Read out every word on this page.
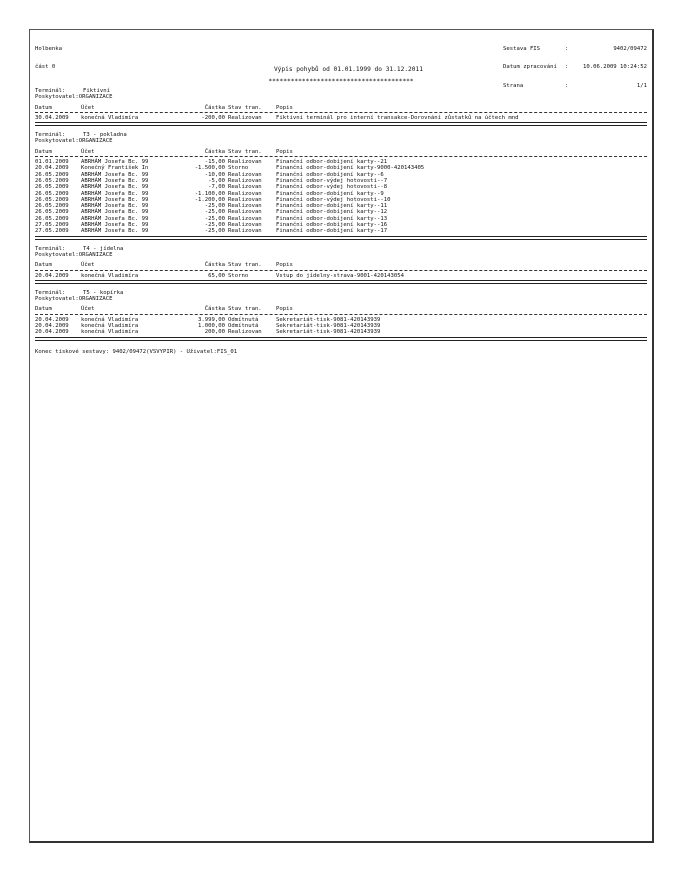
Holbenka

část 0

Sestava FIS	:	9402/09472

Datum zpracování	:	10.06.2009 10:24:52

Strana	:	1/1

Výpis pohybů od 01.01.1999 do 31.12.2011

***************************************

Terminál:	Fiktivní
Poskytovatel: ORGANIZACE
Datum	Účet	Částka Stav tran.	Popis
30.04.2009	konečná Vladimíra	-200,00 Realizovan	Fiktivní terminál pro interní transakce-Dorovnání zůstatků na účtech mnd
Terminál:	T3 - pokladna
Poskytovatel: ORGANIZACE
Datum	Účet	Částka Stav tran.	Popis
01.01.2009	ABRHÁM Josefa Bc. 99	-15,00 Realizovan	Finanční odbor-dobíjení karty--21
20.04.2009	Konečný František In	-1.500,00 Storno	Finanční odbor-dobíjení karty-9000-420143405
26.05.2009	ABRHÁM Josefa Bc. 99	-10,00 Realizovan	Finanční odbor-dobíjení karty--6
26.05.2009	ABRHÁM Josefa Bc. 99	-5,00 Realizovan	Finanční odbor-výdej hotovosti--7
26.05.2009	ABRHÁM Josefa Bc. 99	-7,00 Realizovan	Finanční odbor-výdej hotovosti--8
26.05.2009	ABRHÁM Josefa Bc. 99	-1.100,00 Realizovan	Finanční odbor-dobíjení karty--9
26.05.2009	ABRHÁM Josefa Bc. 99	-1.200,00 Realizovan	Finanční odbor-výdej hotovosti--10
26.05.2009	ABRHÁM Josefa Bc. 99	-25,00 Realizovan	Finanční odbor-dobíjení karty--11
26.05.2009	ABRHÁM Josefa Bc. 99	-25,00 Realizovan	Finanční odbor-dobíjení karty--12
26.05.2009	ABRHÁM Josefa Bc. 99	-25,00 Realizovan	Finanční odbor-dobíjení karty--13
27.05.2009	ABRHÁM Josefa Bc. 99	-25,00 Realizovan	Finanční odbor-dobíjení karty--16
27.05.2009	ABRHÁM Josefa Bc. 99	-25,00 Realizovan	Finanční odbor-dobíjení karty--17
Terminál:	T4 - jídelna
Poskytovatel: ORGANIZACE
Datum	Účet	Částka Stav tran.	Popis
20.04.2009	konečná Vladimíra	65,00 Storno	Vstup do jídelny-strava-9001-420143054
Terminál:	T5 - kopírka
Poskytovatel: ORGANIZACE
Datum	Účet	Částka Stav tran.	Popis
20.04.2009	konečná Vladimíra	3.999,00 Odmítnutá	Sekretariát-tisk-9081-420143939
20.04.2009	konečná Vladimíra	1.000,00 Odmítnutá	Sekretariát-tisk-9081-420143939
20.04.2009	konečná Vladimíra	200,00 Realizovan	Sekretariát-tisk-9081-420143939
Konec tiskové sestavy: 9402/09472(VSVYPIR) - Uživatel:FIS_01
